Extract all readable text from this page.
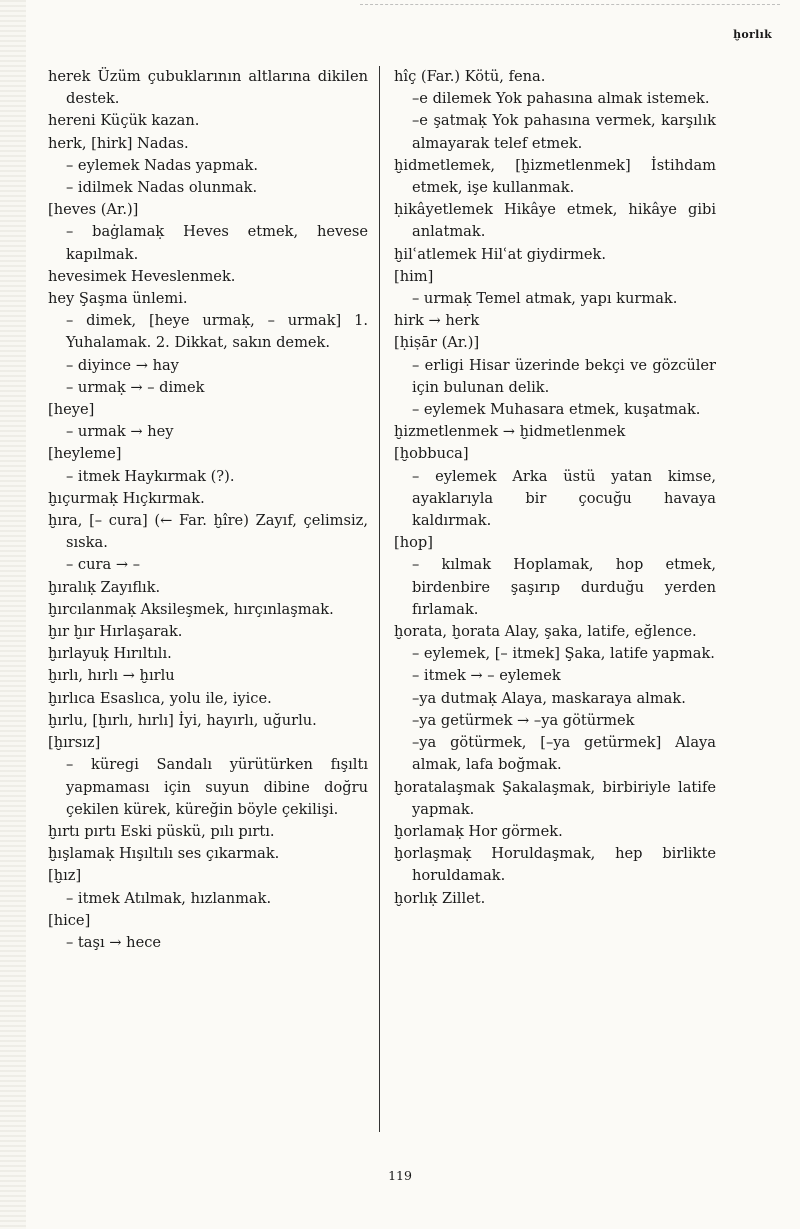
ḫorlık

herek Üzüm çubuklarının altlarına dikilen destek.

hereni Küçük kazan.

herk, [hirk] Nadas.

– eylemek Nadas yapmak.

– idilmek Nadas olunmak.

[heves (Ar.)]

– baġlamaḳ Heves etmek, hevese kapılmak.

hevesimek Heveslenmek.

hey Şaşma ünlemi.

– dimek, [heye urmaḳ, – urmak] 1. Yuhalamak. 2. Dikkat, sakın demek.

– diyince → hay

– urmaḳ → – dimek

[heye]

– urmak → hey

[heyleme]

– itmek Haykırmak (?).

ḫıçurmaḳ Hıçkırmak.

ḫıra, [– cura] (← Far. ḫîre) Zayıf, çelimsiz, sıska.

– cura → –

ḫıralıḳ Zayıflık.

ḫırcılanmaḳ Aksileşmek, hırçınlaşmak.

ḫır ḫır Hırlaşarak.

ḫırlayuḳ Hırıltılı.

ḫırlı, hırlı → ḫırlu

ḫırlıca Esaslıca, yolu ile, iyice.

ḫırlu, [ḫırlı, hırlı] İyi, hayırlı, uğurlu.

[ḫırsız]

– küregi Sandalı yürütürken fışıltı yapmaması için suyun dibine doğru çekilen kürek, küreğin böyle çekilişi.

ḫırtı pırtı Eski püskü, pılı pırtı.

ḫışlamaḳ Hışıltılı ses çıkarmak.

[ḫız]

– itmek Atılmak, hızlanmak.

[hice]

– taşı → hece

hîç (Far.) Kötü, fena.

–e dilemek Yok pahasına almak istemek.

–e şatmaḳ Yok pahasına vermek, karşılık almayarak telef etmek.

ḫidmetlemek, [ḫizmetlenmek] İstihdam etmek, işe kullanmak.

ḥikâyetlemek Hikâye etmek, hikâye gibi anlatmak.

ḫilʿatlemek Hilʿat giydirmek.

[him]

– urmaḳ Temel atmak, yapı kurmak.

hirk → herk

[ḥiṣār (Ar.)]

– erligi Hisar üzerinde bekçi ve gözcüler için bulunan delik.

– eylemek Muhasara etmek, kuşatmak.

ḫizmetlenmek → ḫidmetlenmek

[ḫobbuca]

– eylemek Arka üstü yatan kimse, ayaklarıyla bir çocuğu havaya kaldırmak.

[hop]

– kılmak Hoplamak, hop etmek, birdenbire şaşırıp durduğu yerden fırlamak.

ḫorata, ḫorata Alay, şaka, latife, eğlence.

– eylemek, [– itmek] Şaka, latife yapmak.

– itmek → – eylemek

–ya dutmaḳ Alaya, maskaraya almak.

–ya getürmek → –ya götürmek

–ya götürmek, [–ya getürmek] Alaya almak, lafa boğmak.

ḫoratalaşmak Şakalaşmak, birbiriyle latife yapmak.

ḫorlamaḳ Hor görmek.

ḫorlaşmaḳ Horuldaşmak, hep birlikte horuldamak.

ḫorlıḳ Zillet.

119
